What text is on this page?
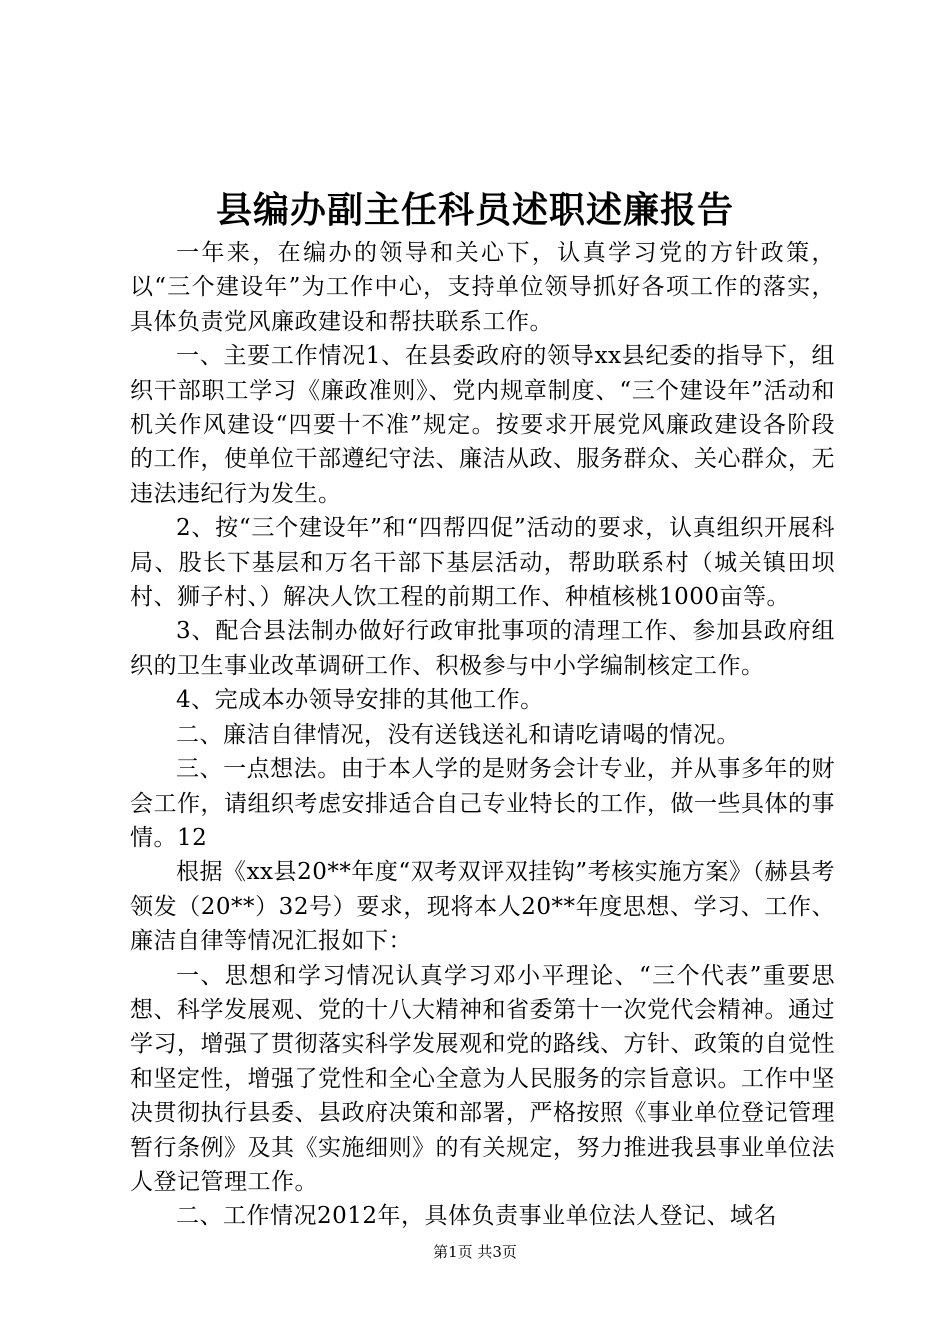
县编办副主任科员述职述廉报告

一年来，在编办的领导和关心下，认真学习党的方针政策，以“三个建设年”为工作中心，支持单位领导抓好各项工作的落实，具体负责党风廉政建设和帮扶联系工作。

一、主要工作情况1、在县委政府的领导xx县纪委的指导下，组织干部职工学习《廉政准则》、党内规章制度、“三个建设年”活动和机关作风建设“四要十不准”规定。按要求开展党风廉政建设各阶段的工作，使单位干部遵纪守法、廉洁从政、服务群众、关心群众，无违法违纪行为发生。

2、按“三个建设年”和“四帮四促”活动的要求，认真组织开展科局、股长下基层和万名干部下基层活动，帮助联系村（城关镇田坝村、狮子村、）解决人饮工程的前期工作、种植核桃1000亩等。

3、配合县法制办做好行政审批事项的清理工作、参加县政府组织的卫生事业改革调研工作、积极参与中小学编制核定工作。

4、完成本办领导安排的其他工作。

二、廉洁自律情况，没有送钱送礼和请吃请喝的情况。

三、一点想法。由于本人学的是财务会计专业，并从事多年的财会工作，请组织考虑安排适合自己专业特长的工作，做一些具体的事情。12

根据《xx县20**年度“双考双评双挂钩”考核实施方案》（赫县考领发（20**）32号）要求，现将本人20**年度思想、学习、工作、廉洁自律等情况汇报如下：

一、思想和学习情况认真学习邓小平理论、“三个代表”重要思想、科学发展观、党的十八大精神和省委第十一次党代会精神。通过学习，增强了贯彻落实科学发展观和党的路线、方针、政策的自觉性和坚定性，增强了党性和全心全意为人民服务的宗旨意识。工作中坚决贯彻执行县委、县政府决策和部署，严格按照《事业单位登记管理暂行条例》及其《实施细则》的有关规定，努力推进我县事业单位法人登记管理工作。

二、工作情况2012年，具体负责事业单位法人登记、域名

第1页 共3页
